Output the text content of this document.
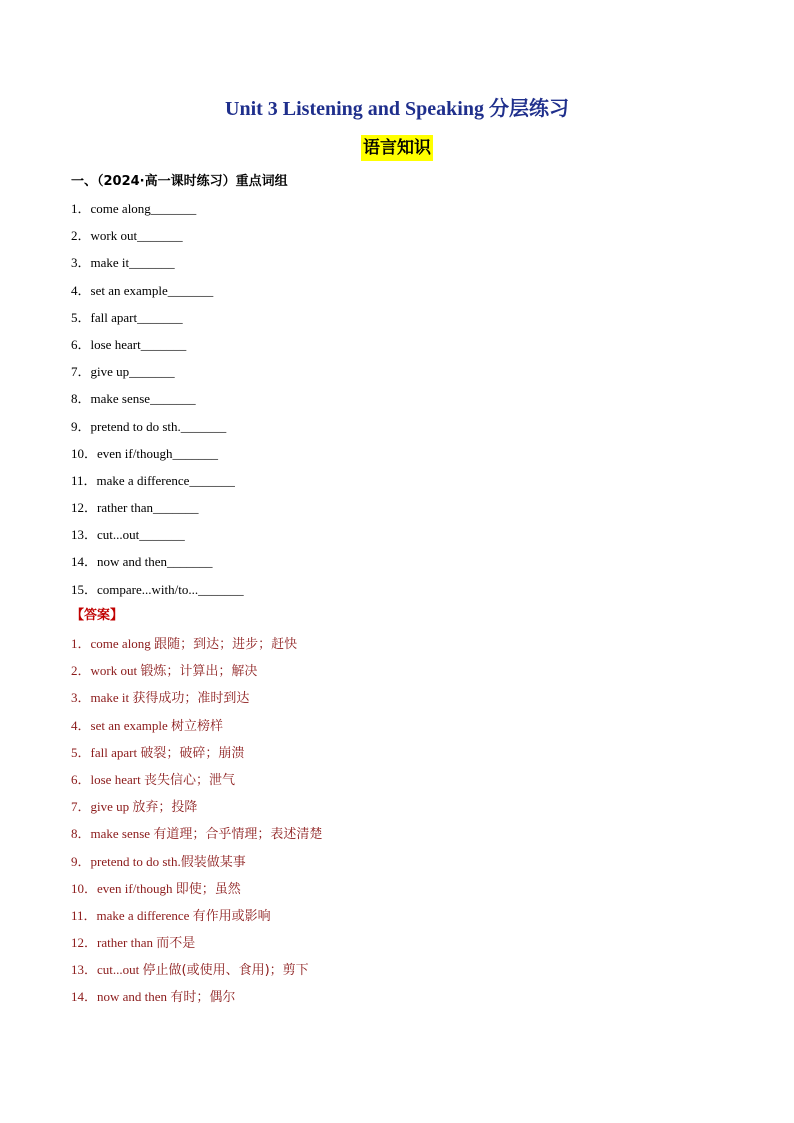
Unit 3 Listening and Speaking 分层练习
语言知识
一、（2024·高一课时练习）重点词组
1．come along_______
2．work out_______
3．make it_______
4．set an example_______
5．fall apart_______
6．lose heart_______
7．give up_______
8．make sense_______
9．pretend to do sth._______
10．even if/though_______
11．make a difference_______
12．rather than_______
13．cut...out_______
14．now and then_______
15．compare...with/to..._______
【答案】
1．come along 跟随；到达；进步；赶快
2．work out 锻炼；计算出；解决
3．make it 获得成功；准时到达
4．set an example 树立榜样
5．fall apart 破裂；破碎；崩溃
6．lose heart 丧失信心；泄气
7．give up 放弃；投降
8．make sense 有道理；合乎情理；表述清楚
9．pretend to do sth.假装做某事
10．even if/though 即使；虽然
11．make a difference 有作用或影响
12．rather than 而不是
13．cut...out 停止做(或使用、食用)；剪下
14．now and then 有时；偶尔
